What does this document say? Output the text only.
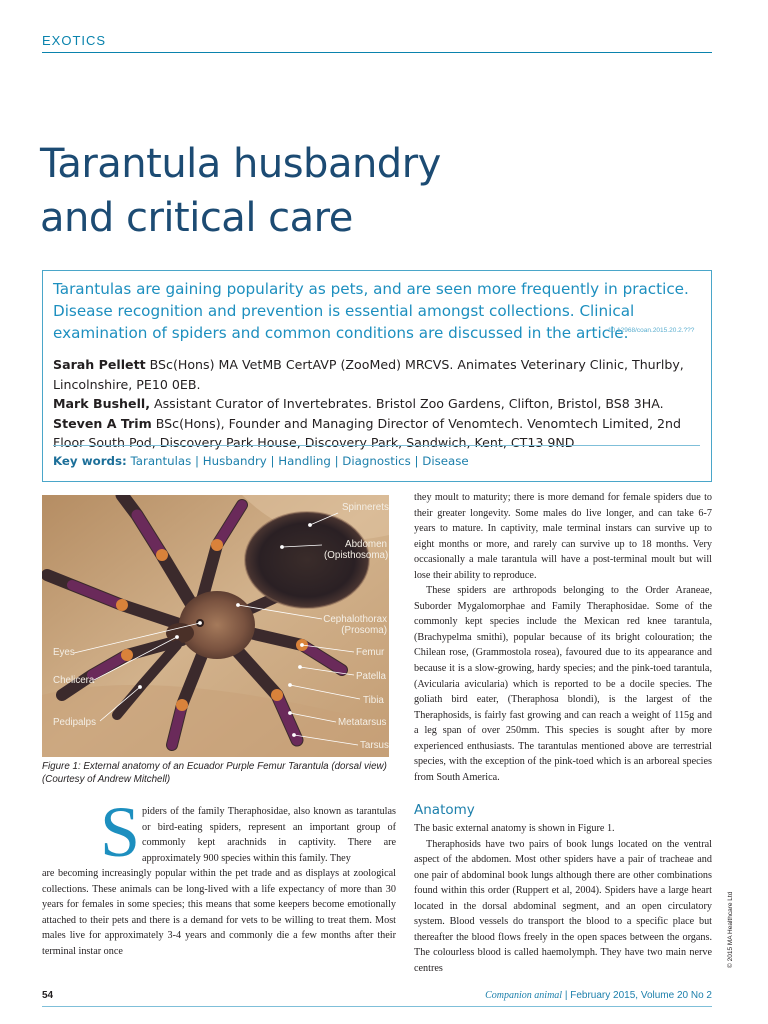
EXOTICS
Tarantula husbandry
and critical care
Tarantulas are gaining popularity as pets, and are seen more frequently in practice. Disease recognition and prevention is essential amongst collections. Clinical examination of spiders and common conditions are discussed in the article.
10.12968/coan.2015.20.2.???
Sarah Pellett BSc(Hons) MA VetMB CertAVP (ZooMed) MRCVS. Animates Veterinary Clinic, Thurlby, Lincolnshire, PE10 0EB.
Mark Bushell, Assistant Curator of Invertebrates. Bristol Zoo Gardens, Clifton, Bristol, BS8 3HA.
Steven A Trim BSc(Hons), Founder and Managing Director of Venomtech. Venomtech Limited, 2nd Floor South Pod, Discovery Park House, Discovery Park, Sandwich, Kent, CT13 9ND
Key words: Tarantulas | Husbandry | Handling | Diagnostics | Disease
Spinnerets
Abdomen
(Opisthosoma)
Cephalothorax
(Prosoma)
Eyes	Femur
Chelicera	Patella
Tibia
Pedipalps	Metatarsus
Tarsus
Figure 1: External anatomy of an Ecuador Purple Femur Tarantula (dorsal view)
(Courtesy of Andrew Mitchell)
S piders of the family Theraphosidae, also known as tarantulas or bird-eating spiders, represent an important group of commonly kept arachnids in captivity. There are approximately 900 species within this family. They
are becoming increasingly popular within the pet trade and as displays at zoological collections. These animals can be long-lived with a life expectancy of more than 30 years for females in some species; this means that some keepers become emotionally attached to their pets and there is a demand for vets to be willing to treat them. Most males live for approximately 3-4 years and commonly die a few months after their terminal instar once

they moult to maturity; there is more demand for female spiders due to their greater longevity. Some males do live longer, and can take 6-7 years to mature. In captivity, male terminal instars can survive up to eight months or more, and rarely can survive up to 18 months. Very occasionally a male tarantula will have a post-terminal moult but will lose their ability to reproduce.

These spiders are arthropods belonging to the Order Araneae, Suborder Mygalomorphae and Family Theraphosidae. Some of the commonly kept species include the Mexican red knee tarantula, (Brachypelma smithi), popular because of its bright colouration; the Chilean rose, (Grammostola rosea), favoured due to its appearance and because it is a slow-growing, hardy species; and the pink-toed tarantula, (Avicularia avicularia) which is reported to be a docile species. The goliath bird eater, (Theraphosa blondi), is the largest of the Theraphosids, is fairly fast growing and can reach a weight of 115g and a leg span of over 250mm. This species is sought after by more experienced enthusiasts. The tarantulas mentioned above are terrestrial species, with the exception of the pink-toed which is an arboreal species from South America.

Anatomy

The basic external anatomy is shown in Figure 1.

Theraphosids have two pairs of book lungs located on the ventral aspect of the abdomen. Most other spiders have a pair of tracheae and one pair of abdominal book lungs although there are other combinations found within this order (Ruppert et al, 2004). Spiders have a large heart located in the dorsal abdominal segment, and an open circulatory system. Blood vessels do transport the blood to a specific place but thereafter the blood flows freely in the open spaces between the organs. The colourless blood is called haemolymph. They have two main nerve centres

© 2015 MA Healthcare Ltd
54	Companion animal | February 2015, Volume 20 No 2
